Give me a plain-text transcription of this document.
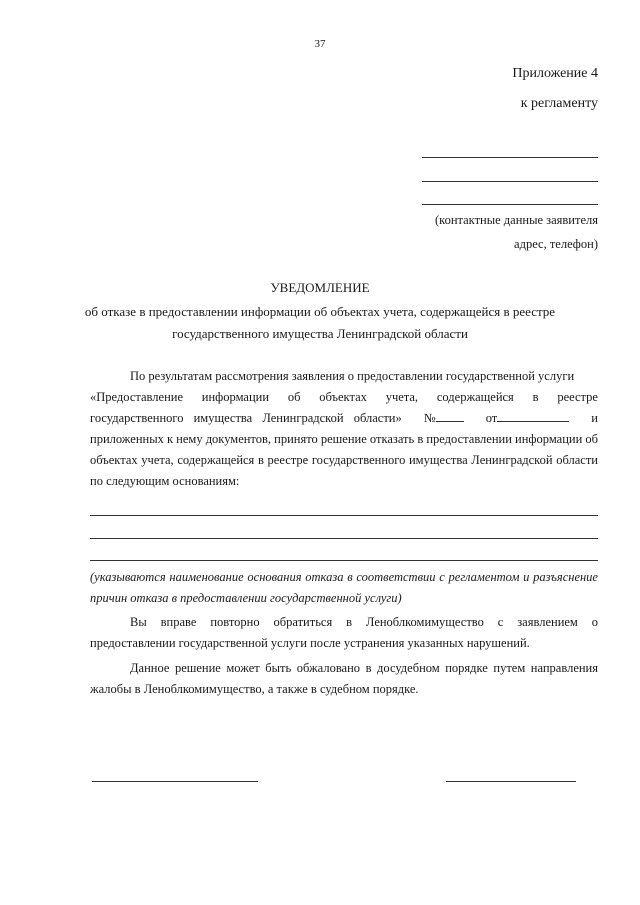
37
Приложение 4
к регламенту
(контактные данные заявителя
адрес, телефон)
УВЕДОМЛЕНИЕ
об отказе в предоставлении информации об объектах учета, содержащейся в реестре
государственного имущества Ленинградской области
По результатам рассмотрения заявления о предоставлении государственной услуги
«Предоставление информации об объектах учета, содержащейся в реестре
государственного имущества Ленинградской области» №	от	и
приложенных к нему документов, принято решение отказать в предоставлении информации об объектах учета, содержащейся в реестре государственного имущества Ленинградской области по следующим основаниям:
(указываются наименование основания отказа в соответствии с регламентом и разъяснение причин отказа в предоставлении государственной услуги)
Вы вправе повторно обратиться в Леноблкомимущество с заявлением о предоставлении государственной услуги после устранения указанных нарушений.
Данное решение может быть обжаловано в досудебном порядке путем направления жалобы в Леноблкомимущество, а также в судебном порядке.
